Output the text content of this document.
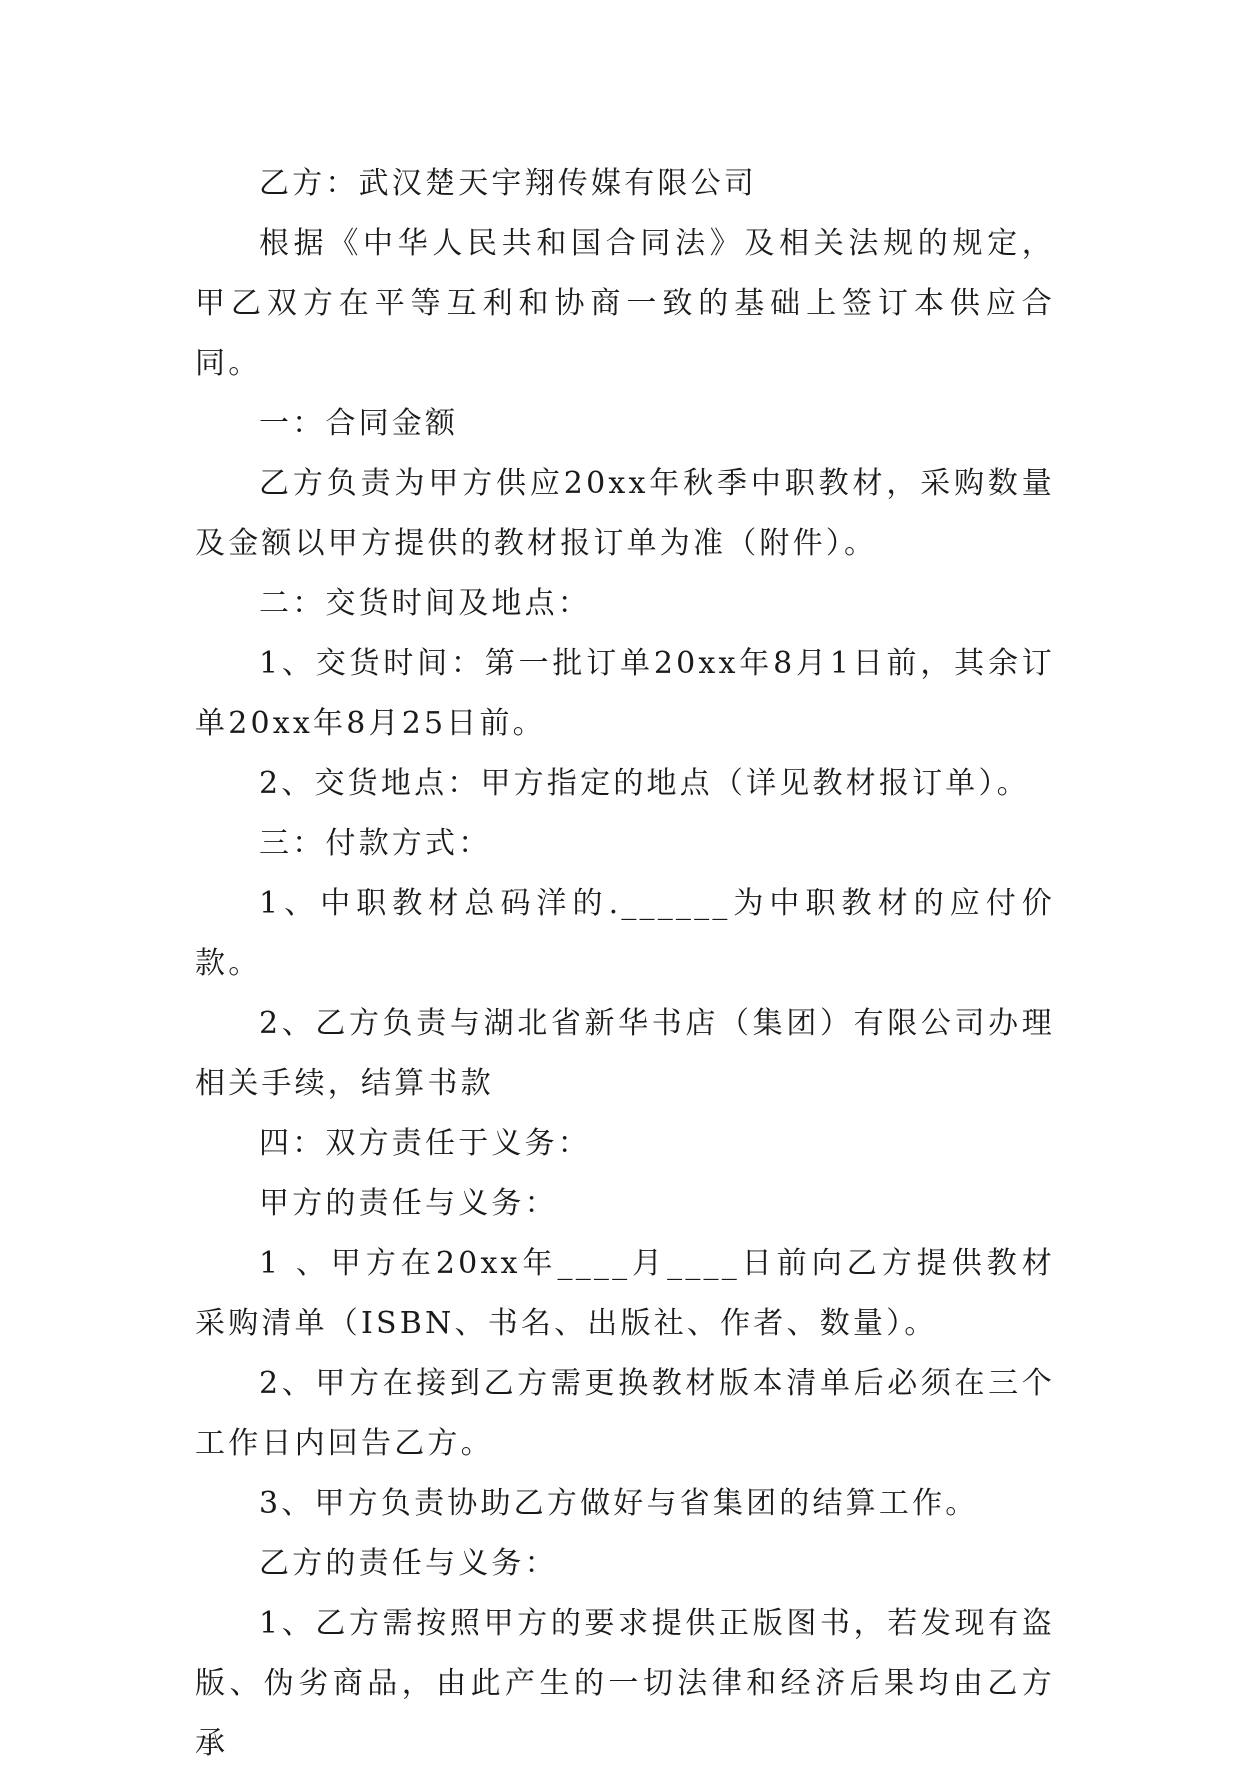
乙方：武汉楚天宇翔传媒有限公司

根据《中华人民共和国合同法》及相关法规的规定，甲乙双方在平等互利和协商一致的基础上签订本供应合同。

一：合同金额

乙方负责为甲方供应20xx年秋季中职教材，采购数量及金额以甲方提供的教材报订单为准（附件）。

二：交货时间及地点：

1、交货时间：第一批订单20xx年8月1日前，其余订单20xx年8月25日前。

2、交货地点：甲方指定的地点（详见教材报订单）。

三：付款方式：

1、中职教材总码洋的.______为中职教材的应付价款。

2、乙方负责与湖北省新华书店（集团）有限公司办理相关手续，结算书款

四：双方责任于义务：

甲方的责任与义务：

1 、甲方在20xx年____月____日前向乙方提供教材采购清单（ISBN、书名、出版社、作者、数量）。

2、甲方在接到乙方需更换教材版本清单后必须在三个工作日内回告乙方。

3、甲方负责协助乙方做好与省集团的结算工作。

乙方的责任与义务：

1、乙方需按照甲方的要求提供正版图书，若发现有盗版、伪劣商品，由此产生的一切法律和经济后果均由乙方承
